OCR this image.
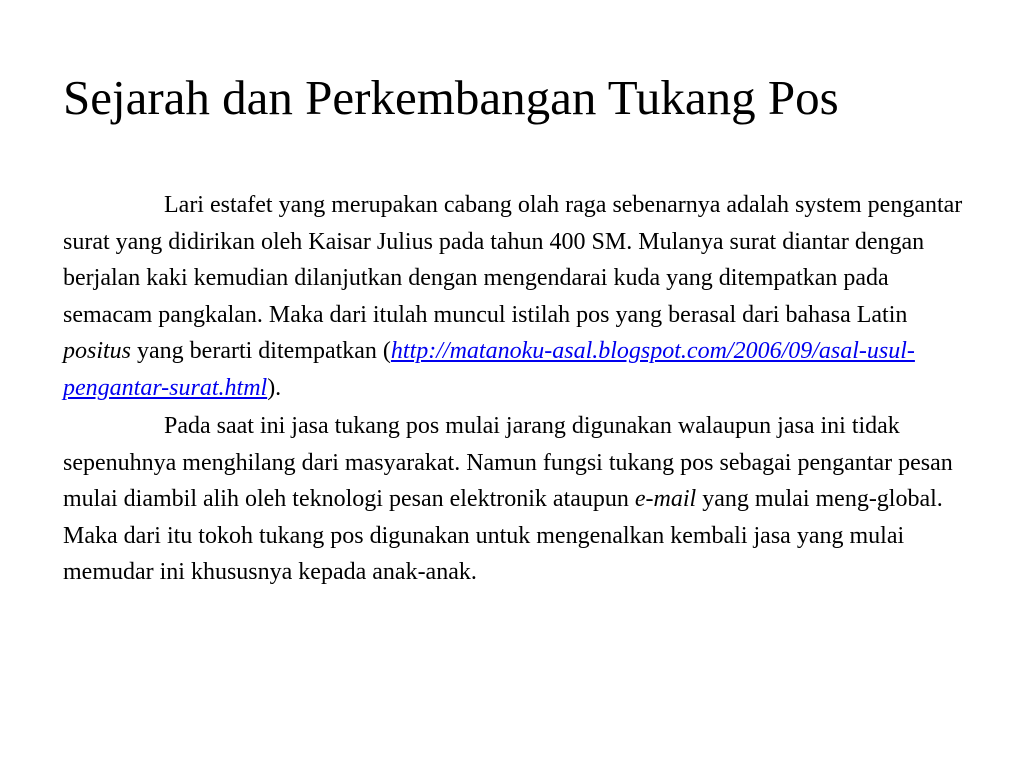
Sejarah dan Perkembangan Tukang Pos

Lari estafet yang merupakan cabang olah raga sebenarnya adalah system pengantar surat yang didirikan oleh Kaisar Julius pada tahun 400 SM. Mulanya surat diantar dengan berjalan kaki kemudian dilanjutkan dengan mengendarai kuda yang ditempatkan pada semacam pangkalan. Maka dari itulah muncul istilah pos yang berasal dari bahasa Latin positus yang berarti ditempatkan (http://matanoku-asal.blogspot.com/2006/09/asal-usul-pengantar-surat.html).

Pada saat ini jasa tukang pos mulai jarang digunakan walaupun jasa ini tidak sepenuhnya menghilang dari masyarakat. Namun fungsi tukang pos sebagai pengantar pesan mulai diambil alih oleh teknologi pesan elektronik ataupun e-mail yang mulai meng-global. Maka dari itu tokoh tukang pos digunakan untuk mengenalkan kembali jasa yang mulai memudar ini khususnya kepada anak-anak.
